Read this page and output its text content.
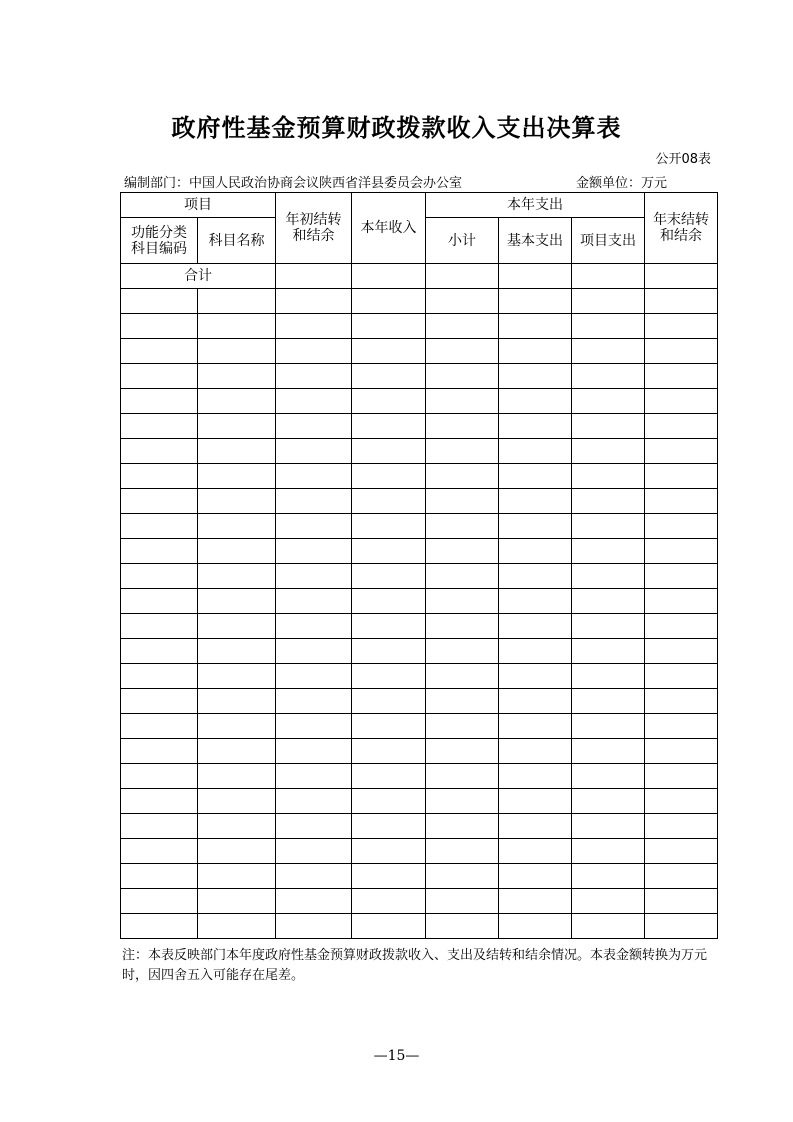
政府性基金预算财政拨款收入支出决算表
公开08表
编制部门：中国人民政治协商会议陕西省洋县委员会办公室	金额单位：万元
项目		年初结转和结余	本年收入	本年支出			年末结转和结余

功能分类科目编码	科目名称			小计	基本支出	项目支出	
合计							

注：本表反映部门本年度政府性基金预算财政拨款收入、支出及结转和结余情况。本表金额转换为万元时，因四舍五入可能存在尾差。
—15—
